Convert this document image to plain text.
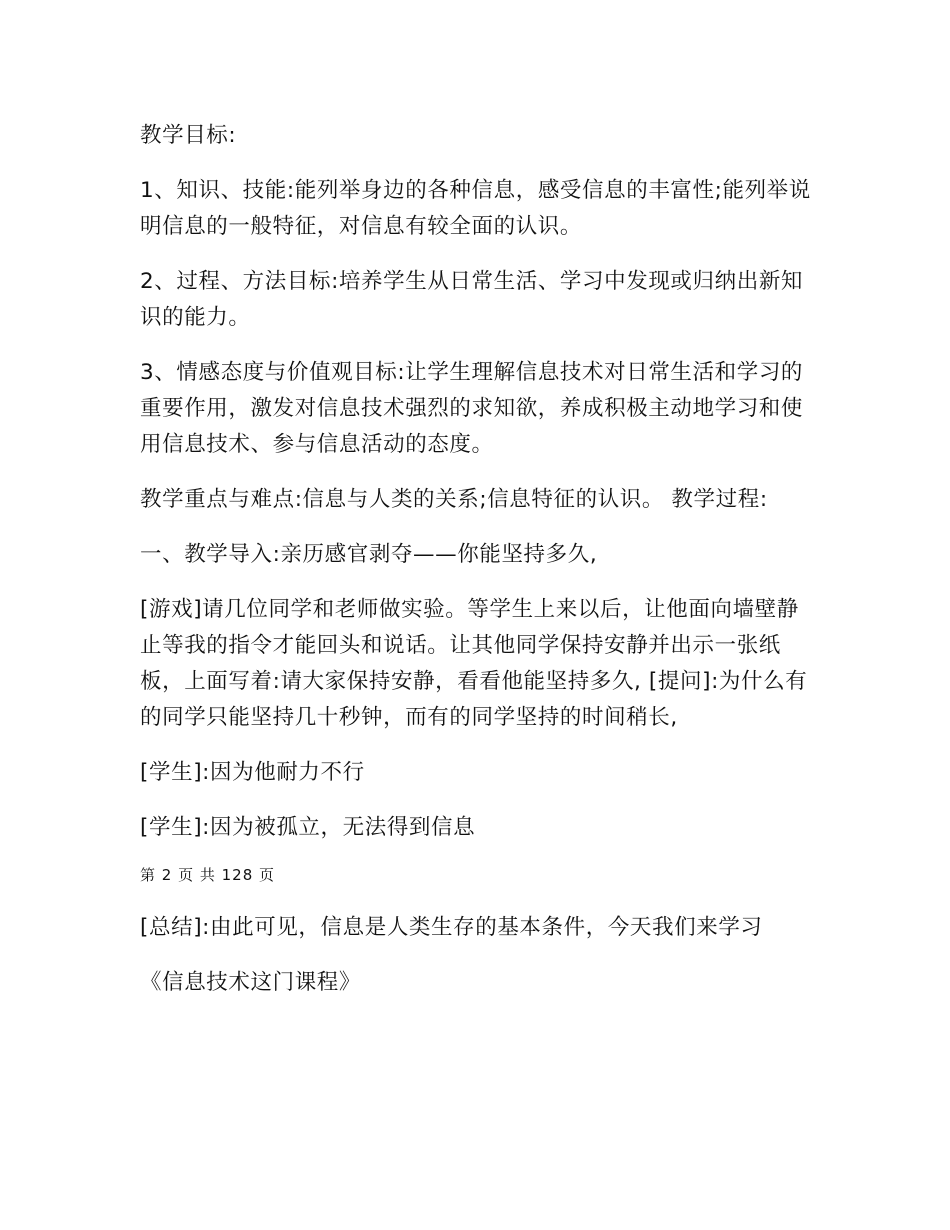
教学目标:

1、知识、技能:能列举身边的各种信息，感受信息的丰富性;能列举说明信息的一般特征，对信息有较全面的认识。

2、过程、方法目标:培养学生从日常生活、学习中发现或归纳出新知识的能力。

3、情感态度与价值观目标:让学生理解信息技术对日常生活和学习的重要作用，激发对信息技术强烈的求知欲，养成积极主动地学习和使用信息技术、参与信息活动的态度。

教学重点与难点:信息与人类的关系;信息特征的认识。 教学过程:

一、教学导入:亲历感官剥夺——你能坚持多久,

[游戏]请几位同学和老师做实验。等学生上来以后，让他面向墙壁静止等我的指令才能回头和说话。让其他同学保持安静并出示一张纸板，上面写着:请大家保持安静，看看他能坚持多久, [提问]:为什么有的同学只能坚持几十秒钟，而有的同学坚持的时间稍长,

[学生]:因为他耐力不行

[学生]:因为被孤立，无法得到信息

第 2 页 共 128 页

[总结]:由此可见，信息是人类生存的基本条件，今天我们来学习

《信息技术这门课程》
